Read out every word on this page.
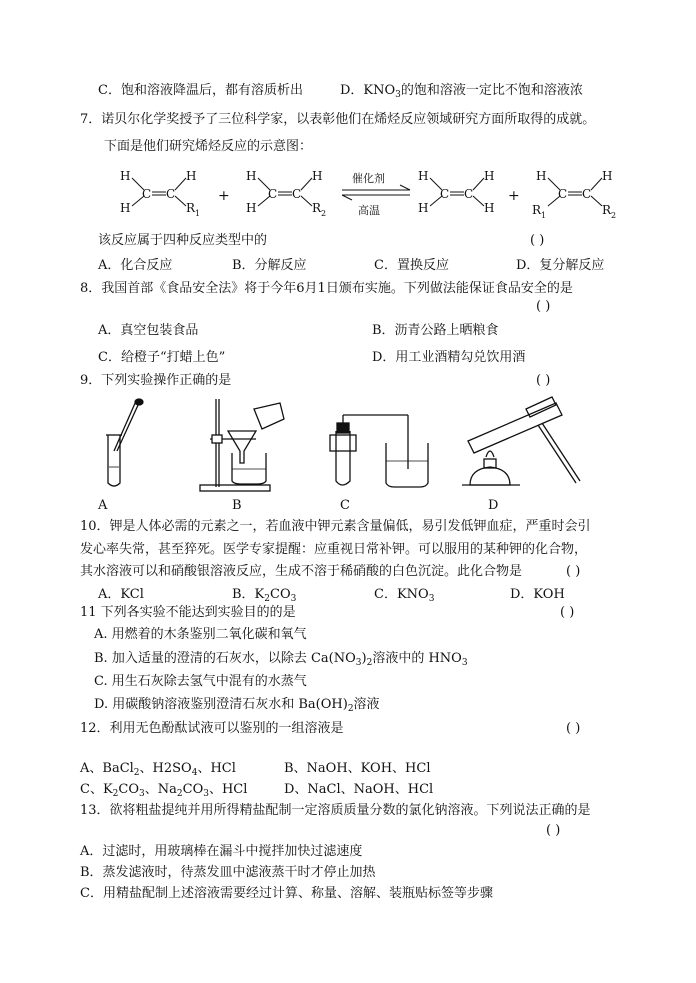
C．饱和溶液降温后，都有溶质析出	D．$KNO_3$的饱和溶液一定比不饱和溶液浓
7．诺贝尔化学奖授予了三位科学家，以表彰他们在烯烃反应领域研究方面所取得的成就。
下面是他们研究烯烃反应的示意图：
H
H
C C
H
R 1
+
H
H
C C
H
R 2
催化剂
高温
H
H
C C
H
H
+
H
R 1
C C
H
R 2
该反应属于四种反应类型中的	( )
A．化合反应	B．分解反应	C．置换反应	D．复分解反应
8．我国首部《食品安全法》将于今年6月1日颁布实施。下列做法能保证食品安全的是
( )
A．真空包装食品	B．沥青公路上晒粮食
C．给橙子“打蜡上色”	D．用工业酒精勾兑饮用酒
9．下列实验操作正确的是	( )
A	B	C	D
10．钾是人体必需的元素之一，若血液中钾元素含量偏低，易引发低钾血症，严重时会引
发心率失常，甚至猝死。医学专家提醒：应重视日常补钾。可以服用的某种钾的化合物，
其水溶液可以和硝酸银溶液反应，生成不溶于稀硝酸的白色沉淀。此化合物是	( )
A．KCl	B．$K_2CO_3$	C．$KNO_3$	D．KOH
11 下列各实验不能达到实验目的的是	( )
A. 用燃着的木条鉴别二氧化碳和氧气
B. 加入适量的澄清的石灰水，以除去 $Ca(NO_3)_2$溶液中的 $HNO_3$
C. 用生石灰除去氢气中混有的水蒸气
D. 用碳酸钠溶液鉴别澄清石灰水和 $Ba(OH)_2$溶液
12．利用无色酚酞试液可以鉴别的一组溶液是	( )
A、BaCl$_2$、$H2SO_4$、HCl	B、NaOH、KOH、HCl
C、$K_2CO_3$、$Na_2CO_3$、HCl	D、NaCl、NaOH、HCl
13．欲将粗盐提纯并用所得精盐配制一定溶质质量分数的氯化钠溶液。下列说法正确的是
( )
A．过滤时，用玻璃棒在漏斗中搅拌加快过滤速度
B．蒸发滤液时，待蒸发皿中滤液蒸干时才停止加热
C．用精盐配制上述溶液需要经过计算、称量、溶解、装瓶贴标签等步骤
